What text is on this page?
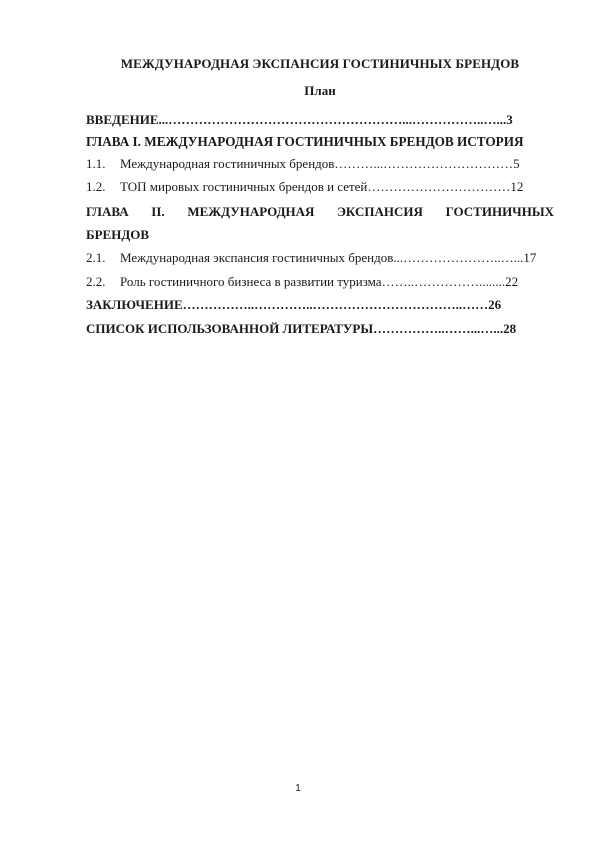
МЕЖДУНАРОДНАЯ ЭКСПАНСИЯ ГОСТИНИЧНЫХ БРЕНДОВ
План
ВВЕДЕНИЕ...………………………………………………...……………..…...3
ГЛАВА I. МЕЖДУНАРОДНАЯ ГОСТИНИЧНЫХ БРЕНДОВ ИСТОРИЯ
1.1.	Международная гостиничных брендов………...……………………… …5
1.2.	ТОП мировых гостиничных брендов и сетей…………………………… 12
ГЛАВА II. МЕЖДУНАРОДНАЯ ЭКСПАНСИЯ ГОСТИНИЧНЫХ
БРЕНДОВ
2.1.	Международная экспансия гостиничных брендов...…………………..…... 17
2.2.	Роль гостиничного бизнеса в развитии туризма……..……………........ 22
ЗАКЛЮЧЕНИЕ……………..…………..……………………………..……26
СПИСОК ИСПОЛЬЗОВАННОЙ ЛИТЕРАТУРЫ……………..……...…...28
1
